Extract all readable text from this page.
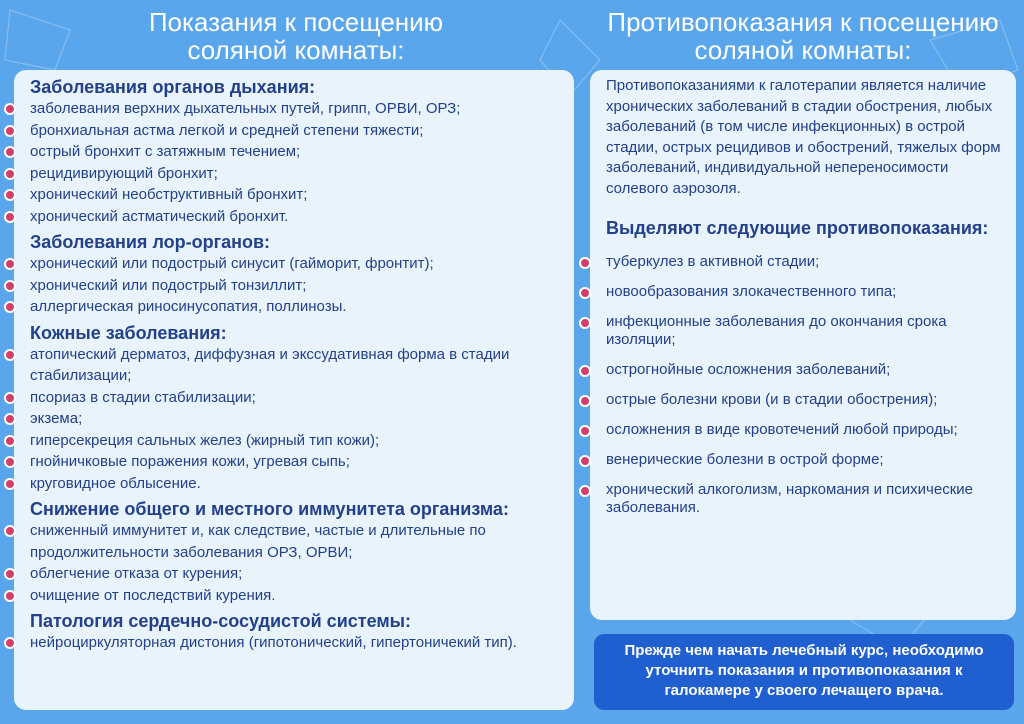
Показания к посещению
соляной комнаты:
Противопоказания к посещению
соляной комнаты:
Заболевания органов дыхания:
заболевания верхних дыхательных путей, грипп, ОРВИ, ОРЗ;
бронхиальная астма легкой и средней степени тяжести;
острый бронхит с затяжным течением;
рецидивирующий бронхит;
хронический необструктивный бронхит;
хронический астматический бронхит.
Заболевания лор-органов:
хронический или подострый синусит (гайморит, фронтит);
хронический или подострый тонзиллит;
аллергическая риносинусопатия, поллинозы.
Кожные заболевания:
атопический дерматоз, диффузная и экссудативная форма в стадии стабилизации;
псориаз в стадии стабилизации;
экзема;
гиперсекреция сальных желез (жирный тип кожи);
гнойничковые поражения кожи, угревая сыпь;
круговидное облысение.
Снижение общего и местного иммунитета организма:
сниженный иммунитет и, как следствие, частые и длительные по продолжительности заболевания ОРЗ, ОРВИ;
облегчение отказа от курения;
очищение от последствий курения.
Патология сердечно-сосудистой системы:
нейроциркуляторная дистония (гипотонический, гипертоничекий тип).

Противопоказаниями к галотерапии является наличие хронических заболеваний в стадии обострения, любых заболеваний (в том числе инфекционных) в острой стадии, острых рецидивов и обострений, тяжелых форм заболеваний, индивидуальной непереносимости солевого аэрозоля.

Выделяют следующие противопоказания:
туберкулез в активной стадии;
новообразования злокачественного типа;
инфекционные заболевания до окончания срока изоляции;
острогнойные осложнения заболеваний;
острые болезни крови (и в стадии обострения);
осложнения в виде кровотечений любой природы;
венерические болезни в острой форме;
хронический алкоголизм, наркомания и психические заболевания.
Прежде чем начать лечебный курс, необходимо уточнить показания и противопоказания к галокамере у своего лечащего врача.
